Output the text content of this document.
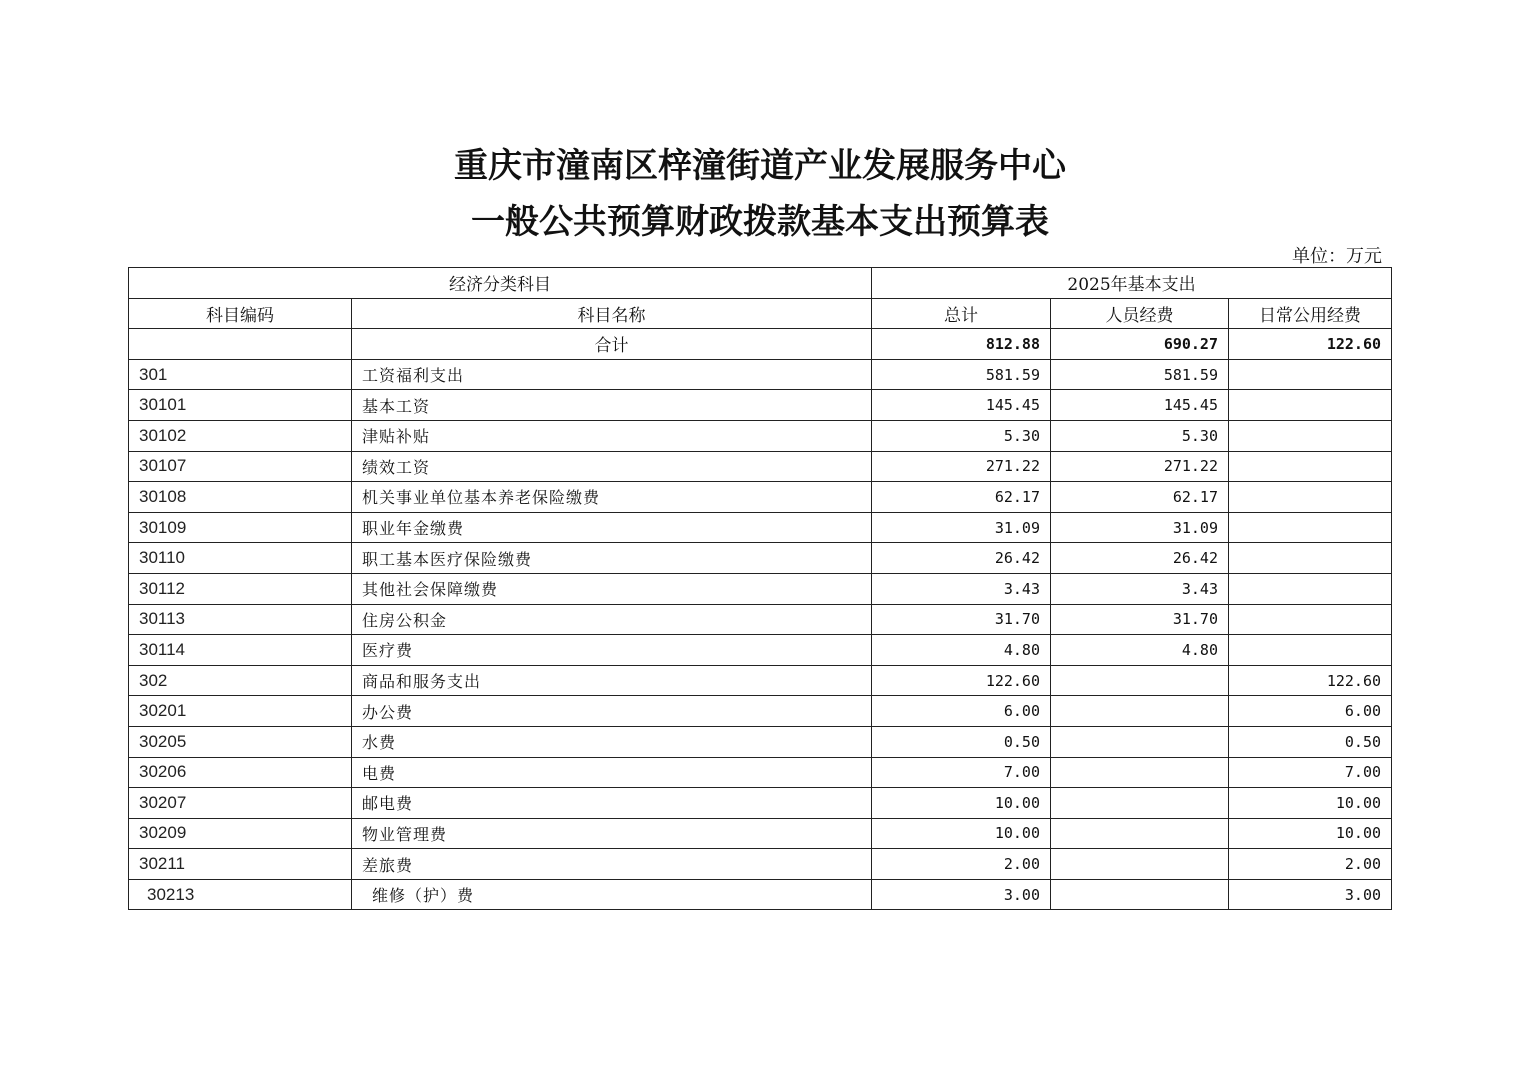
重庆市潼南区梓潼街道产业发展服务中心
一般公共预算财政拨款基本支出预算表
单位：万元
经济分类科目		2025年基本支出		
科目编码	科目名称	总计	人员经费	日常公用经费
	合计	812.88	690.27	122.60
301	工资福利支出	581.59	581.59	
30101	基本工资	145.45	145.45	
30102	津贴补贴	5.30	5.30	
30107	绩效工资	271.22	271.22	
30108	机关事业单位基本养老保险缴费	62.17	62.17	
30109	职业年金缴费	31.09	31.09	
30110	职工基本医疗保险缴费	26.42	26.42	
30112	其他社会保障缴费	3.43	3.43	
30113	住房公积金	31.70	31.70	
30114	医疗费	4.80	4.80	
302	商品和服务支出	122.60		122.60
30201	办公费	6.00		6.00
30205	水费	0.50		0.50
30206	电费	7.00		7.00
30207	邮电费	10.00		10.00
30209	物业管理费	10.00		10.00
30211	差旅费	2.00		2.00
30213	维修（护）费	3.00		3.00
